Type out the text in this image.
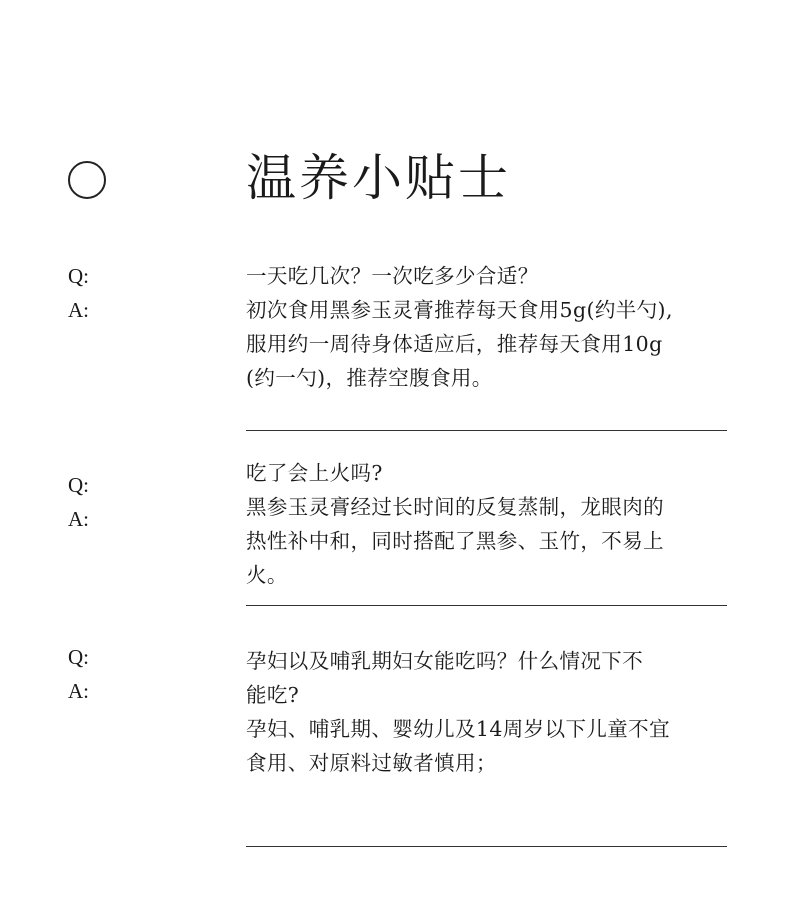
温养小贴士
Q:
A:
一天吃几次？一次吃多少合适？
初次食用黑参玉灵膏推荐每天食用5g(约半勺),
服用约一周待身体适应后，推荐每天食用10g
(约一勺)，推荐空腹食用。
Q:
A:
吃了会上火吗?
黑参玉灵膏经过长时间的反复蒸制，龙眼肉的
热性补中和，同时搭配了黑参、玉竹，不易上
火。
Q:
A:
孕妇以及哺乳期妇女能吃吗？什么情况下不
能吃?
孕妇、哺乳期、婴幼儿及14周岁以下儿童不宜
食用、对原料过敏者慎用；
